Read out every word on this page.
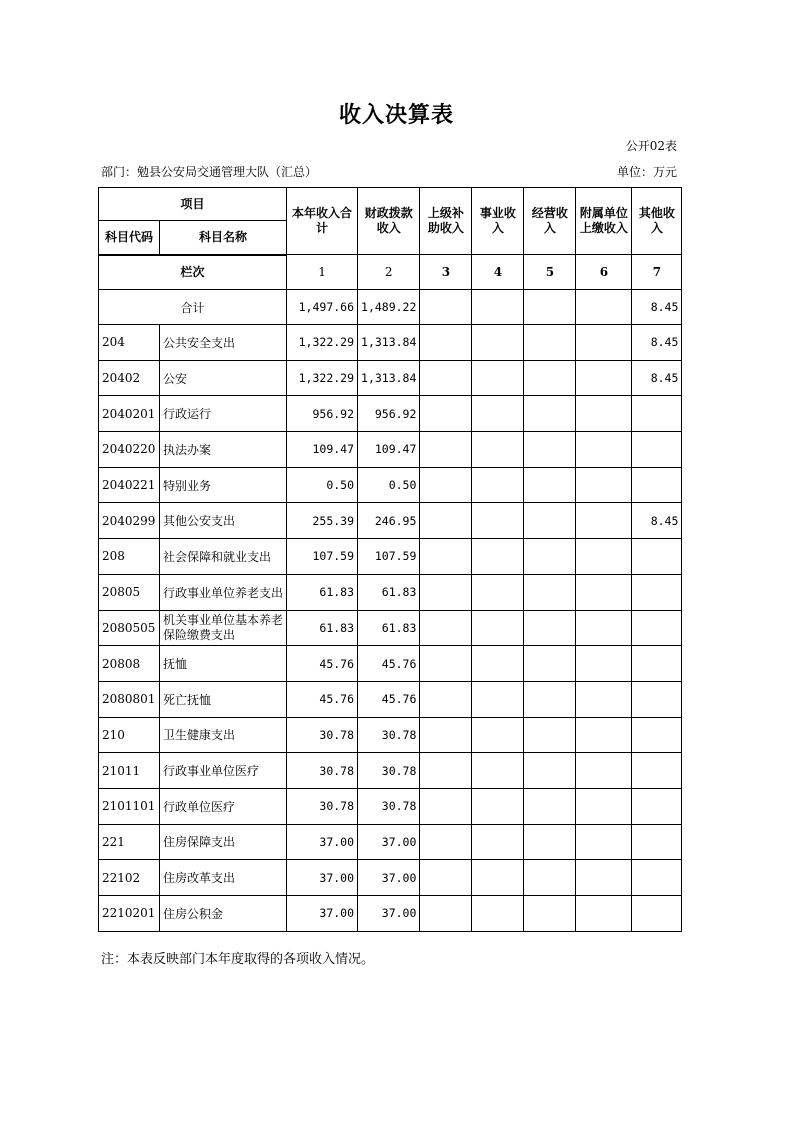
收入决算表
公开02表
部门：勉县公安局交通管理大队（汇总）	单位：万元
项目		本年收入合计	财政拨款收入	上级补助收入	事业收入	经营收入	附属单位上缴收入	其他收入
科目代码	科目名称							
栏次		1	2	3	4	5	6	7
合计		1,497.66	1,489.22					8.45
204	公共安全支出	1,322.29	1,313.84					8.45
20402	公安	1,322.29	1,313.84					8.45
2040201	行政运行	956.92	956.92					
2040220	执法办案	109.47	109.47					
2040221	特别业务	0.50	0.50					
2040299	其他公安支出	255.39	246.95					8.45
208	社会保障和就业支出	107.59	107.59					
20805	行政事业单位养老支出	61.83	61.83					
2080505	机关事业单位基本养老保险缴费支出	61.83	61.83					
20808	抚恤	45.76	45.76					
2080801	死亡抚恤	45.76	45.76					
210	卫生健康支出	30.78	30.78					
21011	行政事业单位医疗	30.78	30.78					
2101101	行政单位医疗	30.78	30.78					
221	住房保障支出	37.00	37.00					
22102	住房改革支出	37.00	37.00					
2210201	住房公积金	37.00	37.00					
注：本表反映部门本年度取得的各项收入情况。
